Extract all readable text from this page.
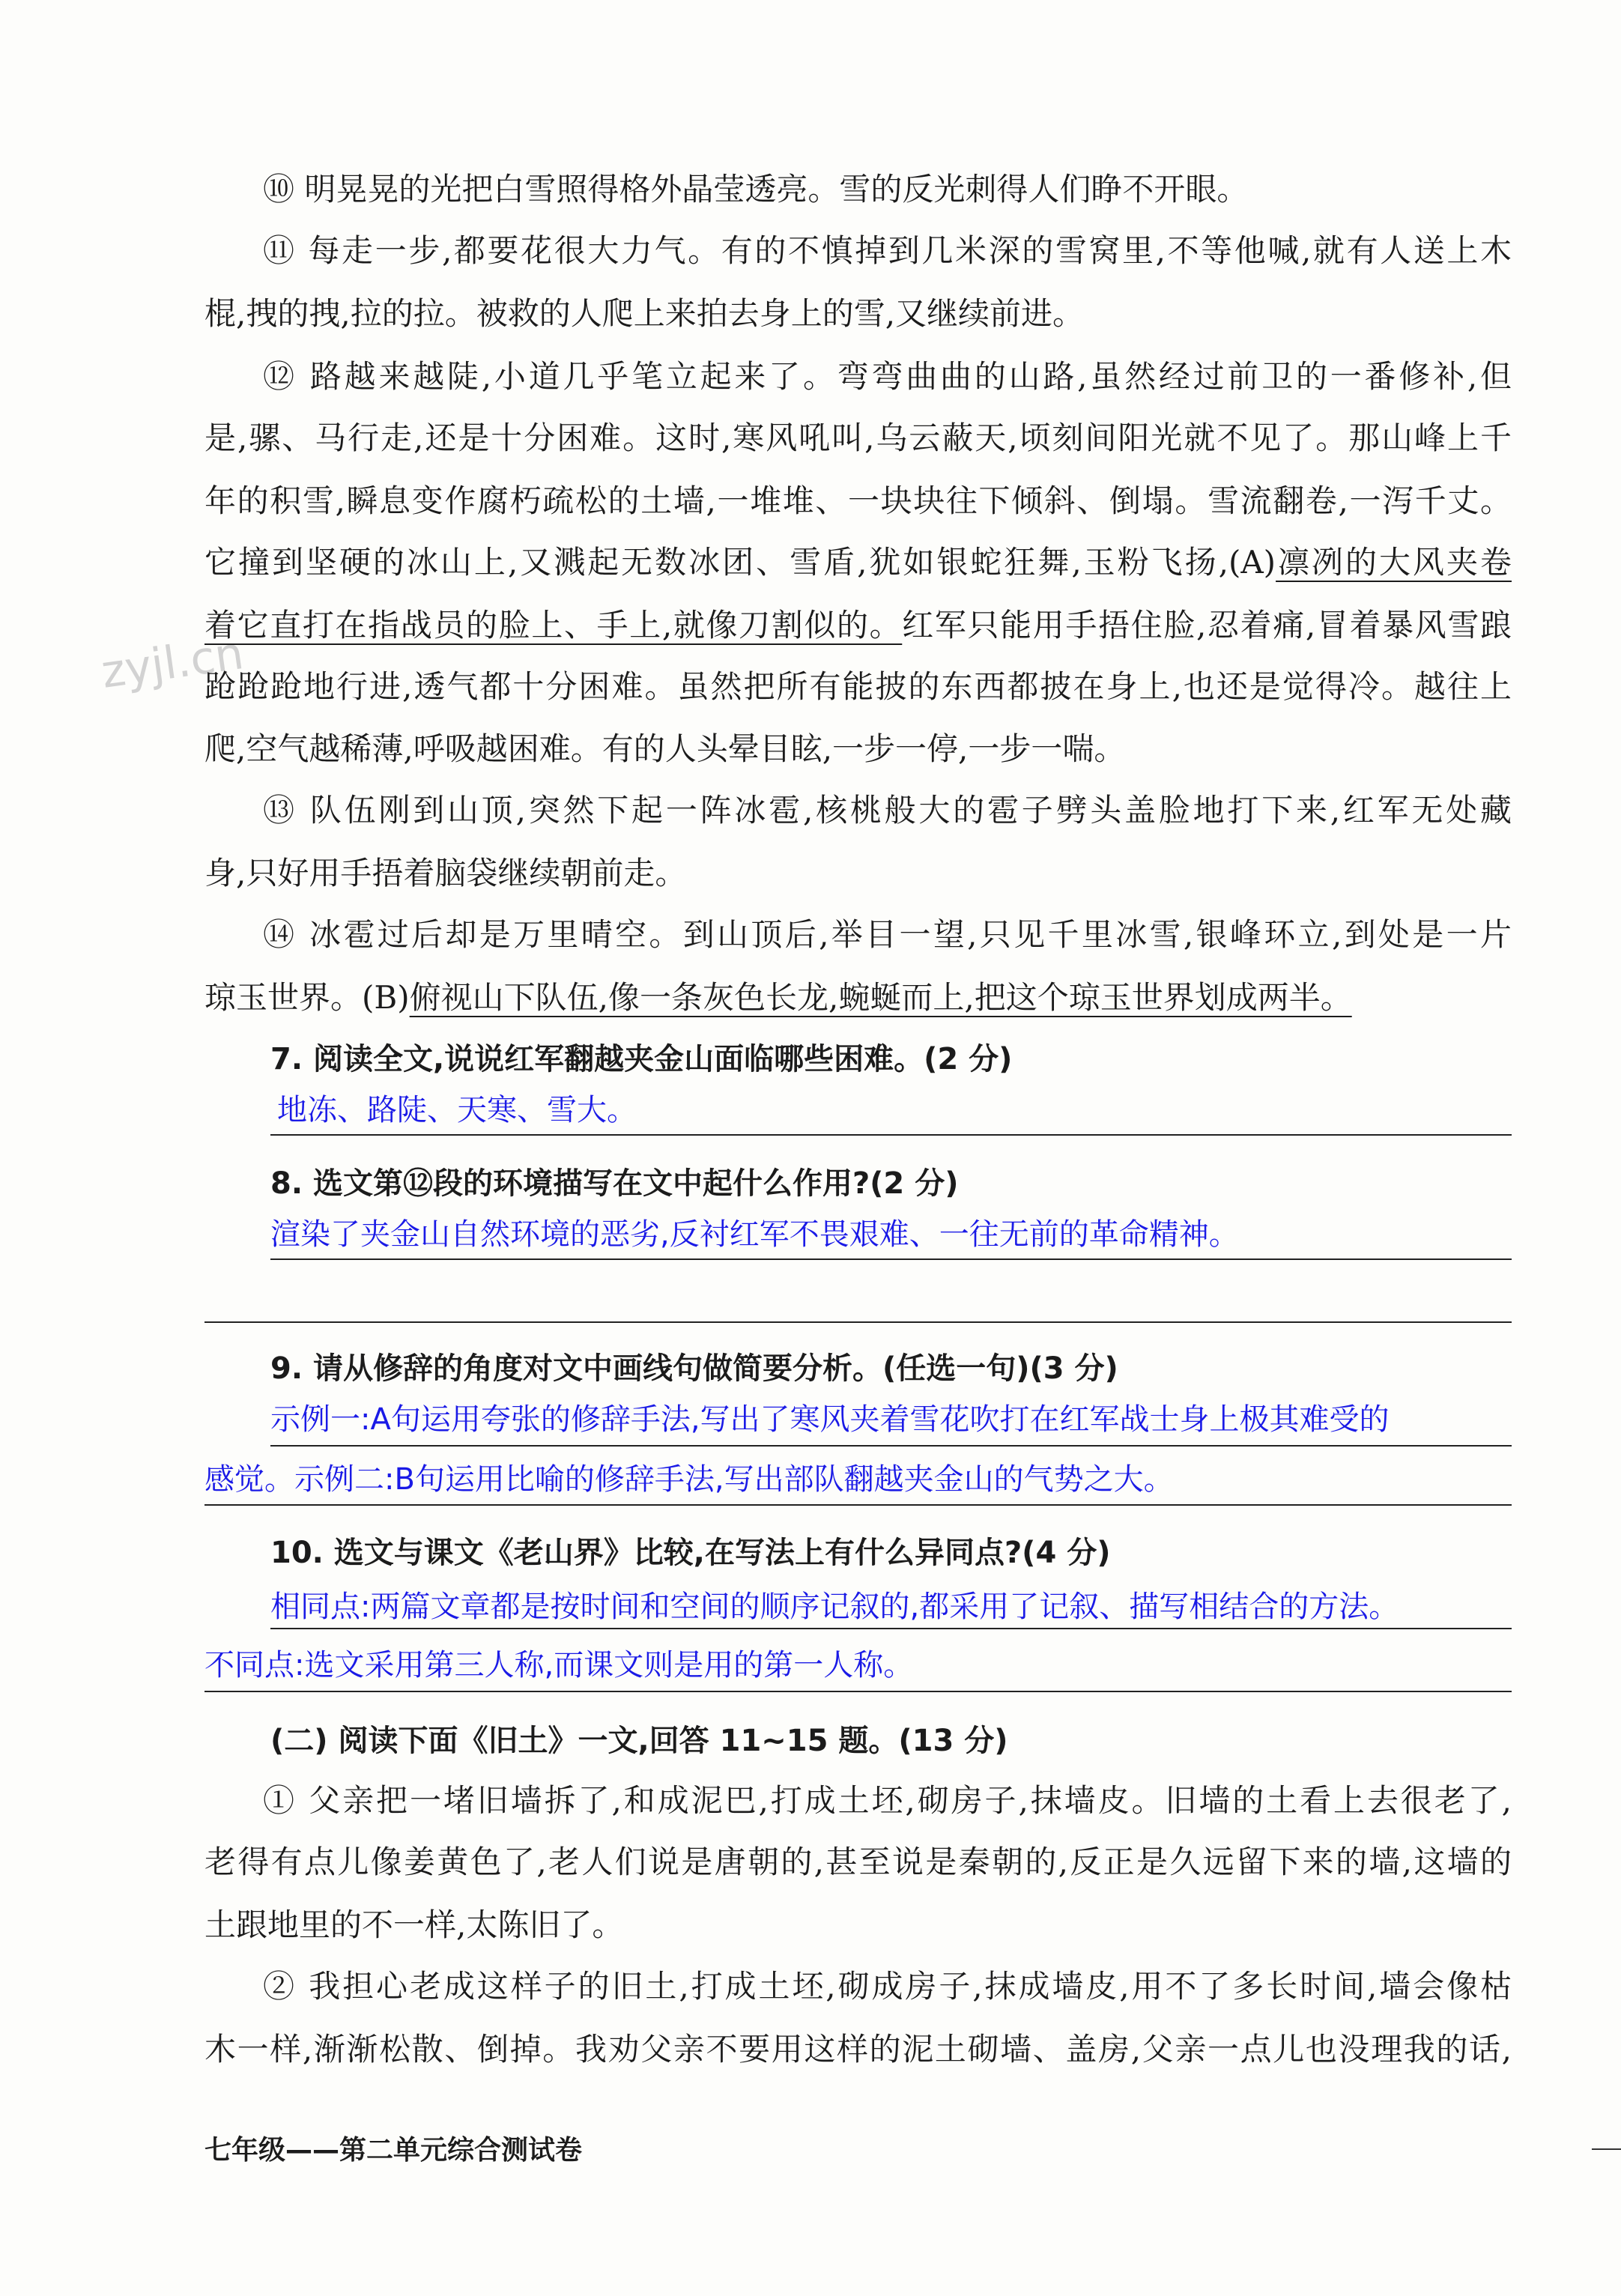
zyjl.cn
⑩ 明晃晃的光把白雪照得格外晶莹透亮。雪的反光刺得人们睁不开眼。
⑪ 每走一步,都要花很大力气。有的不慎掉到几米深的雪窝里,不等他喊,就有人送上木
棍,拽的拽,拉的拉。被救的人爬上来拍去身上的雪,又继续前进。
⑫ 路越来越陡,小道几乎笔立起来了。弯弯曲曲的山路,虽然经过前卫的一番修补,但
是,骡、马行走,还是十分困难。这时,寒风吼叫,乌云蔽天,顷刻间阳光就不见了。那山峰上千
年的积雪,瞬息变作腐朽疏松的土墙,一堆堆、一块块往下倾斜、倒塌。雪流翻卷,一泻千丈。
它撞到坚硬的冰山上,又溅起无数冰团、雪盾,犹如银蛇狂舞,玉粉飞扬,(A)凛冽的大风夹卷
着它直打在指战员的脸上、手上,就像刀割似的。红军只能用手捂住脸,忍着痛,冒着暴风雪踉
跄跄跄地行进,透气都十分困难。虽然把所有能披的东西都披在身上,也还是觉得冷。越往上
爬,空气越稀薄,呼吸越困难。有的人头晕目眩,一步一停,一步一喘。
⑬ 队伍刚到山顶,突然下起一阵冰雹,核桃般大的雹子劈头盖脸地打下来,红军无处藏
身,只好用手捂着脑袋继续朝前走。
⑭ 冰雹过后却是万里晴空。到山顶后,举目一望,只见千里冰雪,银峰环立,到处是一片
琼玉世界。(B)俯视山下队伍,像一条灰色长龙,蜿蜒而上,把这个琼玉世界划成两半。
7. 阅读全文,说说红军翻越夹金山面临哪些困难。(2 分)
地冻、路陡、天寒、雪大。
8. 选文第⑫段的环境描写在文中起什么作用?(2 分)
渲染了夹金山自然环境的恶劣,反衬红军不畏艰难、一往无前的革命精神。
9. 请从修辞的角度对文中画线句做简要分析。(任选一句)(3 分)
示例一:A句运用夸张的修辞手法,写出了寒风夹着雪花吹打在红军战士身上极其难受的
感觉。示例二:B句运用比喻的修辞手法,写出部队翻越夹金山的气势之大。
10. 选文与课文《老山界》比较,在写法上有什么异同点?(4 分)
相同点:两篇文章都是按时间和空间的顺序记叙的,都采用了记叙、描写相结合的方法。
不同点:选文采用第三人称,而课文则是用的第一人称。
(二) 阅读下面《旧土》一文,回答 11~15 题。(13 分)
① 父亲把一堵旧墙拆了,和成泥巴,打成土坯,砌房子,抹墙皮。旧墙的土看上去很老了,
老得有点儿像姜黄色了,老人们说是唐朝的,甚至说是秦朝的,反正是久远留下来的墙,这墙的
土跟地里的不一样,太陈旧了。
② 我担心老成这样子的旧土,打成土坯,砌成房子,抹成墙皮,用不了多长时间,墙会像枯
木一样,渐渐松散、倒掉。我劝父亲不要用这样的泥土砌墙、盖房,父亲一点儿也没理我的话,
七年级——第二单元综合测试卷
